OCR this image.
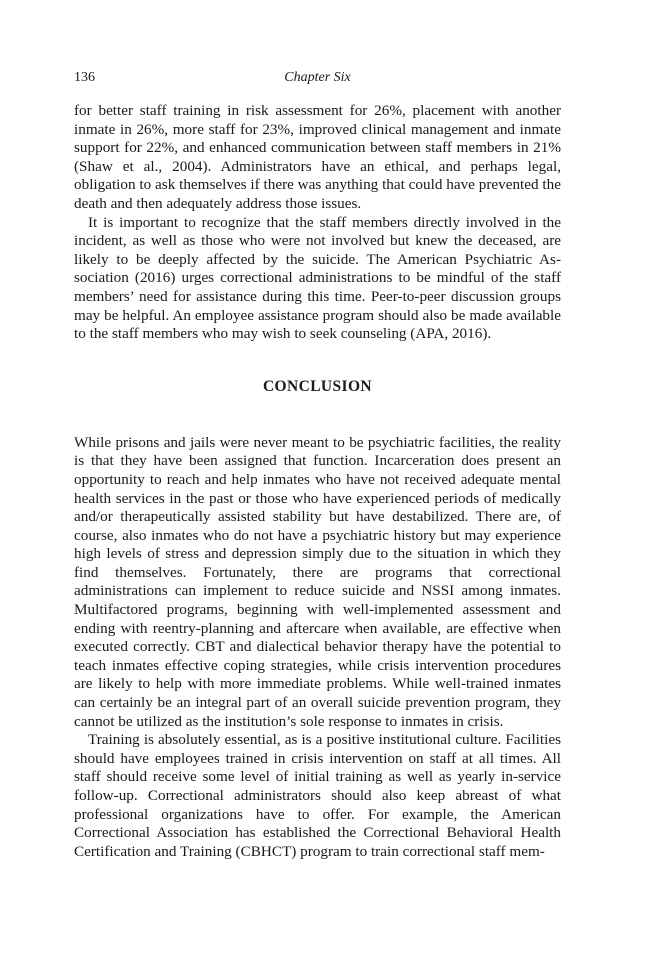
136	Chapter Six

for better staff training in risk assessment for 26%, placement with another inmate in 26%, more staff for 23%, improved clinical management and inmate support for 22%, and enhanced communication between staff members in 21% (Shaw et al., 2004). Administrators have an ethical, and perhaps legal, obligation to ask themselves if there was anything that could have prevented the death and then adequately address those issues.

It is important to recognize that the staff members directly involved in the incident, as well as those who were not involved but knew the deceased, are likely to be deeply affected by the suicide. The American Psychiatric Association (2016) urges correctional administrations to be mindful of the staff members’ need for assistance during this time. Peer-to-peer discussion groups may be helpful. An employee assistance program should also be made available to the staff members who may wish to seek counseling (APA, 2016).

CONCLUSION

While prisons and jails were never meant to be psychiatric facilities, the reality is that they have been assigned that function. Incarceration does present an opportunity to reach and help inmates who have not received adequate mental health services in the past or those who have experienced periods of medically and/or therapeutically assisted stability but have destabilized. There are, of course, also inmates who do not have a psychiatric history but may experience high levels of stress and depression simply due to the situation in which they find themselves. Fortunately, there are programs that correctional administrations can implement to reduce suicide and NSSI among inmates. Multifactored programs, beginning with well-implemented assessment and ending with reentry-planning and aftercare when available, are effective when executed correctly. CBT and dialectical behavior therapy have the potential to teach inmates effective coping strategies, while crisis intervention procedures are likely to help with more immediate problems. While well-trained inmates can certainly be an integral part of an overall suicide prevention program, they cannot be utilized as the institution’s sole response to inmates in crisis.

Training is absolutely essential, as is a positive institutional culture. Facilities should have employees trained in crisis intervention on staff at all times. All staff should receive some level of initial training as well as yearly in-service follow-up. Correctional administrators should also keep abreast of what professional organizations have to offer. For example, the American Correctional Association has established the Correctional Behavioral Health Certification and Training (CBHCT) program to train correctional staff mem-
